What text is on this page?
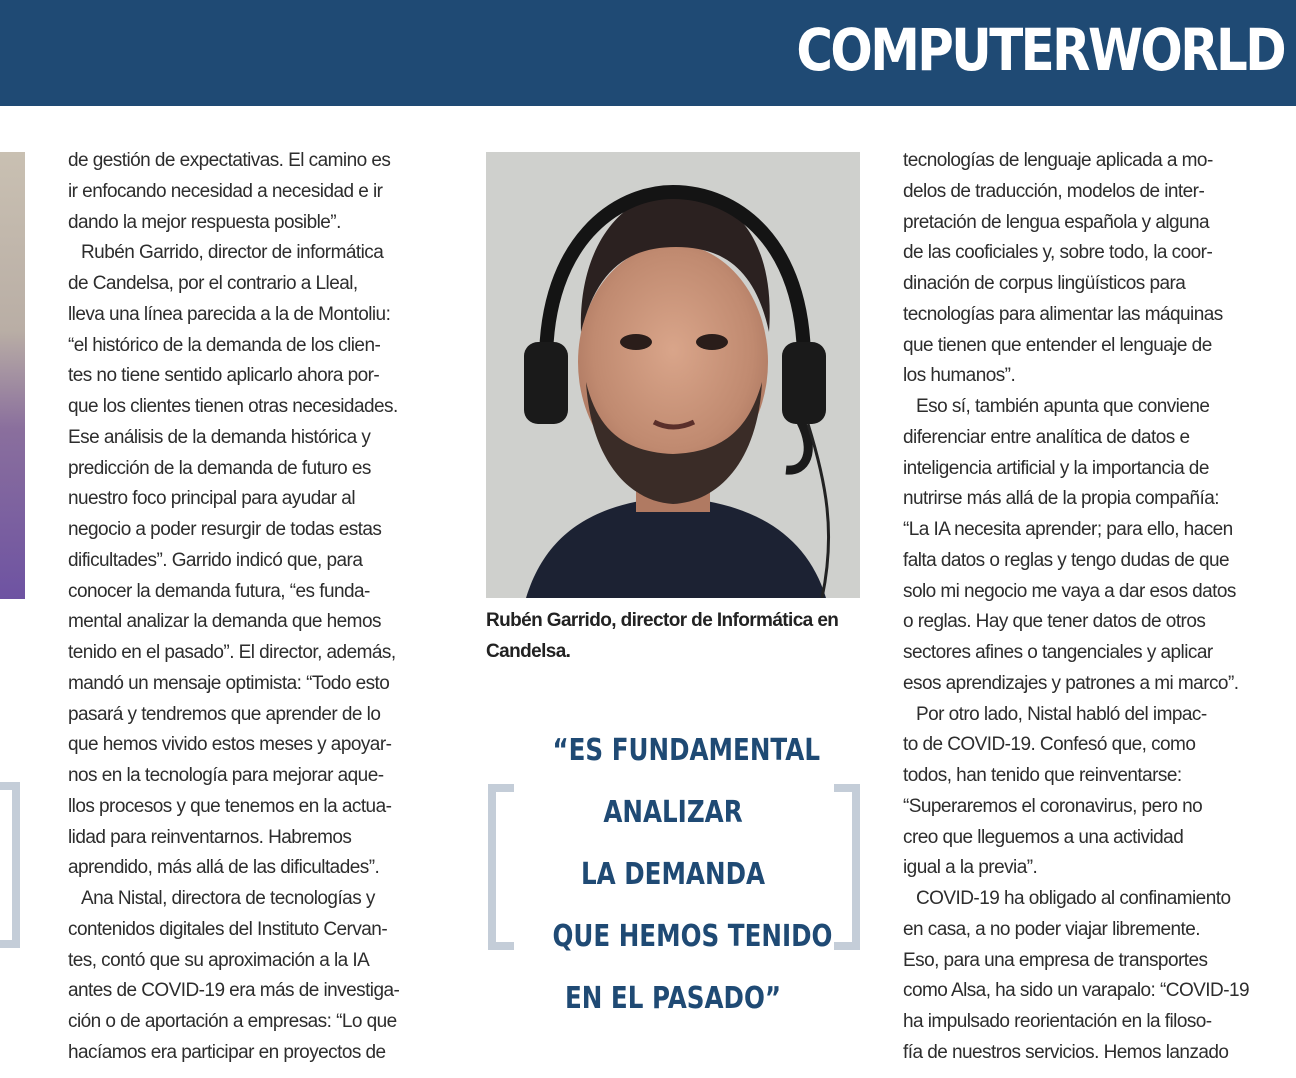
COMPUTERWORLD
de gestión de expectativas. El camino es
ir enfocando necesidad a necesidad e ir
dando la mejor respuesta posible”.
Rubén Garrido, director de informática
de Candelsa, por el contrario a Lleal,
lleva una línea parecida a la de Montoliu:
“el histórico de la demanda de los clien-
tes no tiene sentido aplicarlo ahora por-
que los clientes tienen otras necesidades.
Ese análisis de la demanda histórica y
predicción de la demanda de futuro es
nuestro foco principal para ayudar al
negocio a poder resurgir de todas estas
dificultades”. Garrido indicó que, para
conocer la demanda futura, “es funda-
mental analizar la demanda que hemos
tenido en el pasado”. El director, además,
mandó un mensaje optimista: “Todo esto
pasará y tendremos que aprender de lo
que hemos vivido estos meses y apoyar-
nos en la tecnología para mejorar aque-
llos procesos y que tenemos en la actua-
lidad para reinventarnos. Habremos
aprendido, más allá de las dificultades”.
Ana Nistal, directora de tecnologías y
contenidos digitales del Instituto Cervan-
tes, contó que su aproximación a la IA
antes de COVID-19 era más de investiga-
ción o de aportación a empresas: “Lo que
hacíamos era participar en proyectos de

Rubén Garrido, director de Informática en Candelsa.

“ES FUNDAMENTAL
ANALIZAR
LA DEMANDA
QUE HEMOS TENIDO
EN EL PASADO”
tecnologías de lenguaje aplicada a mo-
delos de traducción, modelos de inter-
pretación de lengua española y alguna
de las cooficiales y, sobre todo, la coor-
dinación de corpus lingüísticos para
tecnologías para alimentar las máquinas
que tienen que entender el lenguaje de
los humanos”.
Eso sí, también apunta que conviene
diferenciar entre analítica de datos e
inteligencia artificial y la importancia de
nutrirse más allá de la propia compañía:
“La IA necesita aprender; para ello, hacen
falta datos o reglas y tengo dudas de que
solo mi negocio me vaya a dar esos datos
o reglas. Hay que tener datos de otros
sectores afines o tangenciales y aplicar
esos aprendizajes y patrones a mi marco”.
Por otro lado, Nistal habló del impac-
to de COVID-19. Confesó que, como
todos, han tenido que reinventarse:
“Superaremos el coronavirus, pero no
creo que lleguemos a una actividad
igual a la previa”.
COVID-19 ha obligado al confinamiento
en casa, a no poder viajar libremente.
Eso, para una empresa de transportes
como Alsa, ha sido un varapalo: “COVID-19
ha impulsado reorientación en la filoso-
fía de nuestros servicios. Hemos lanzado
